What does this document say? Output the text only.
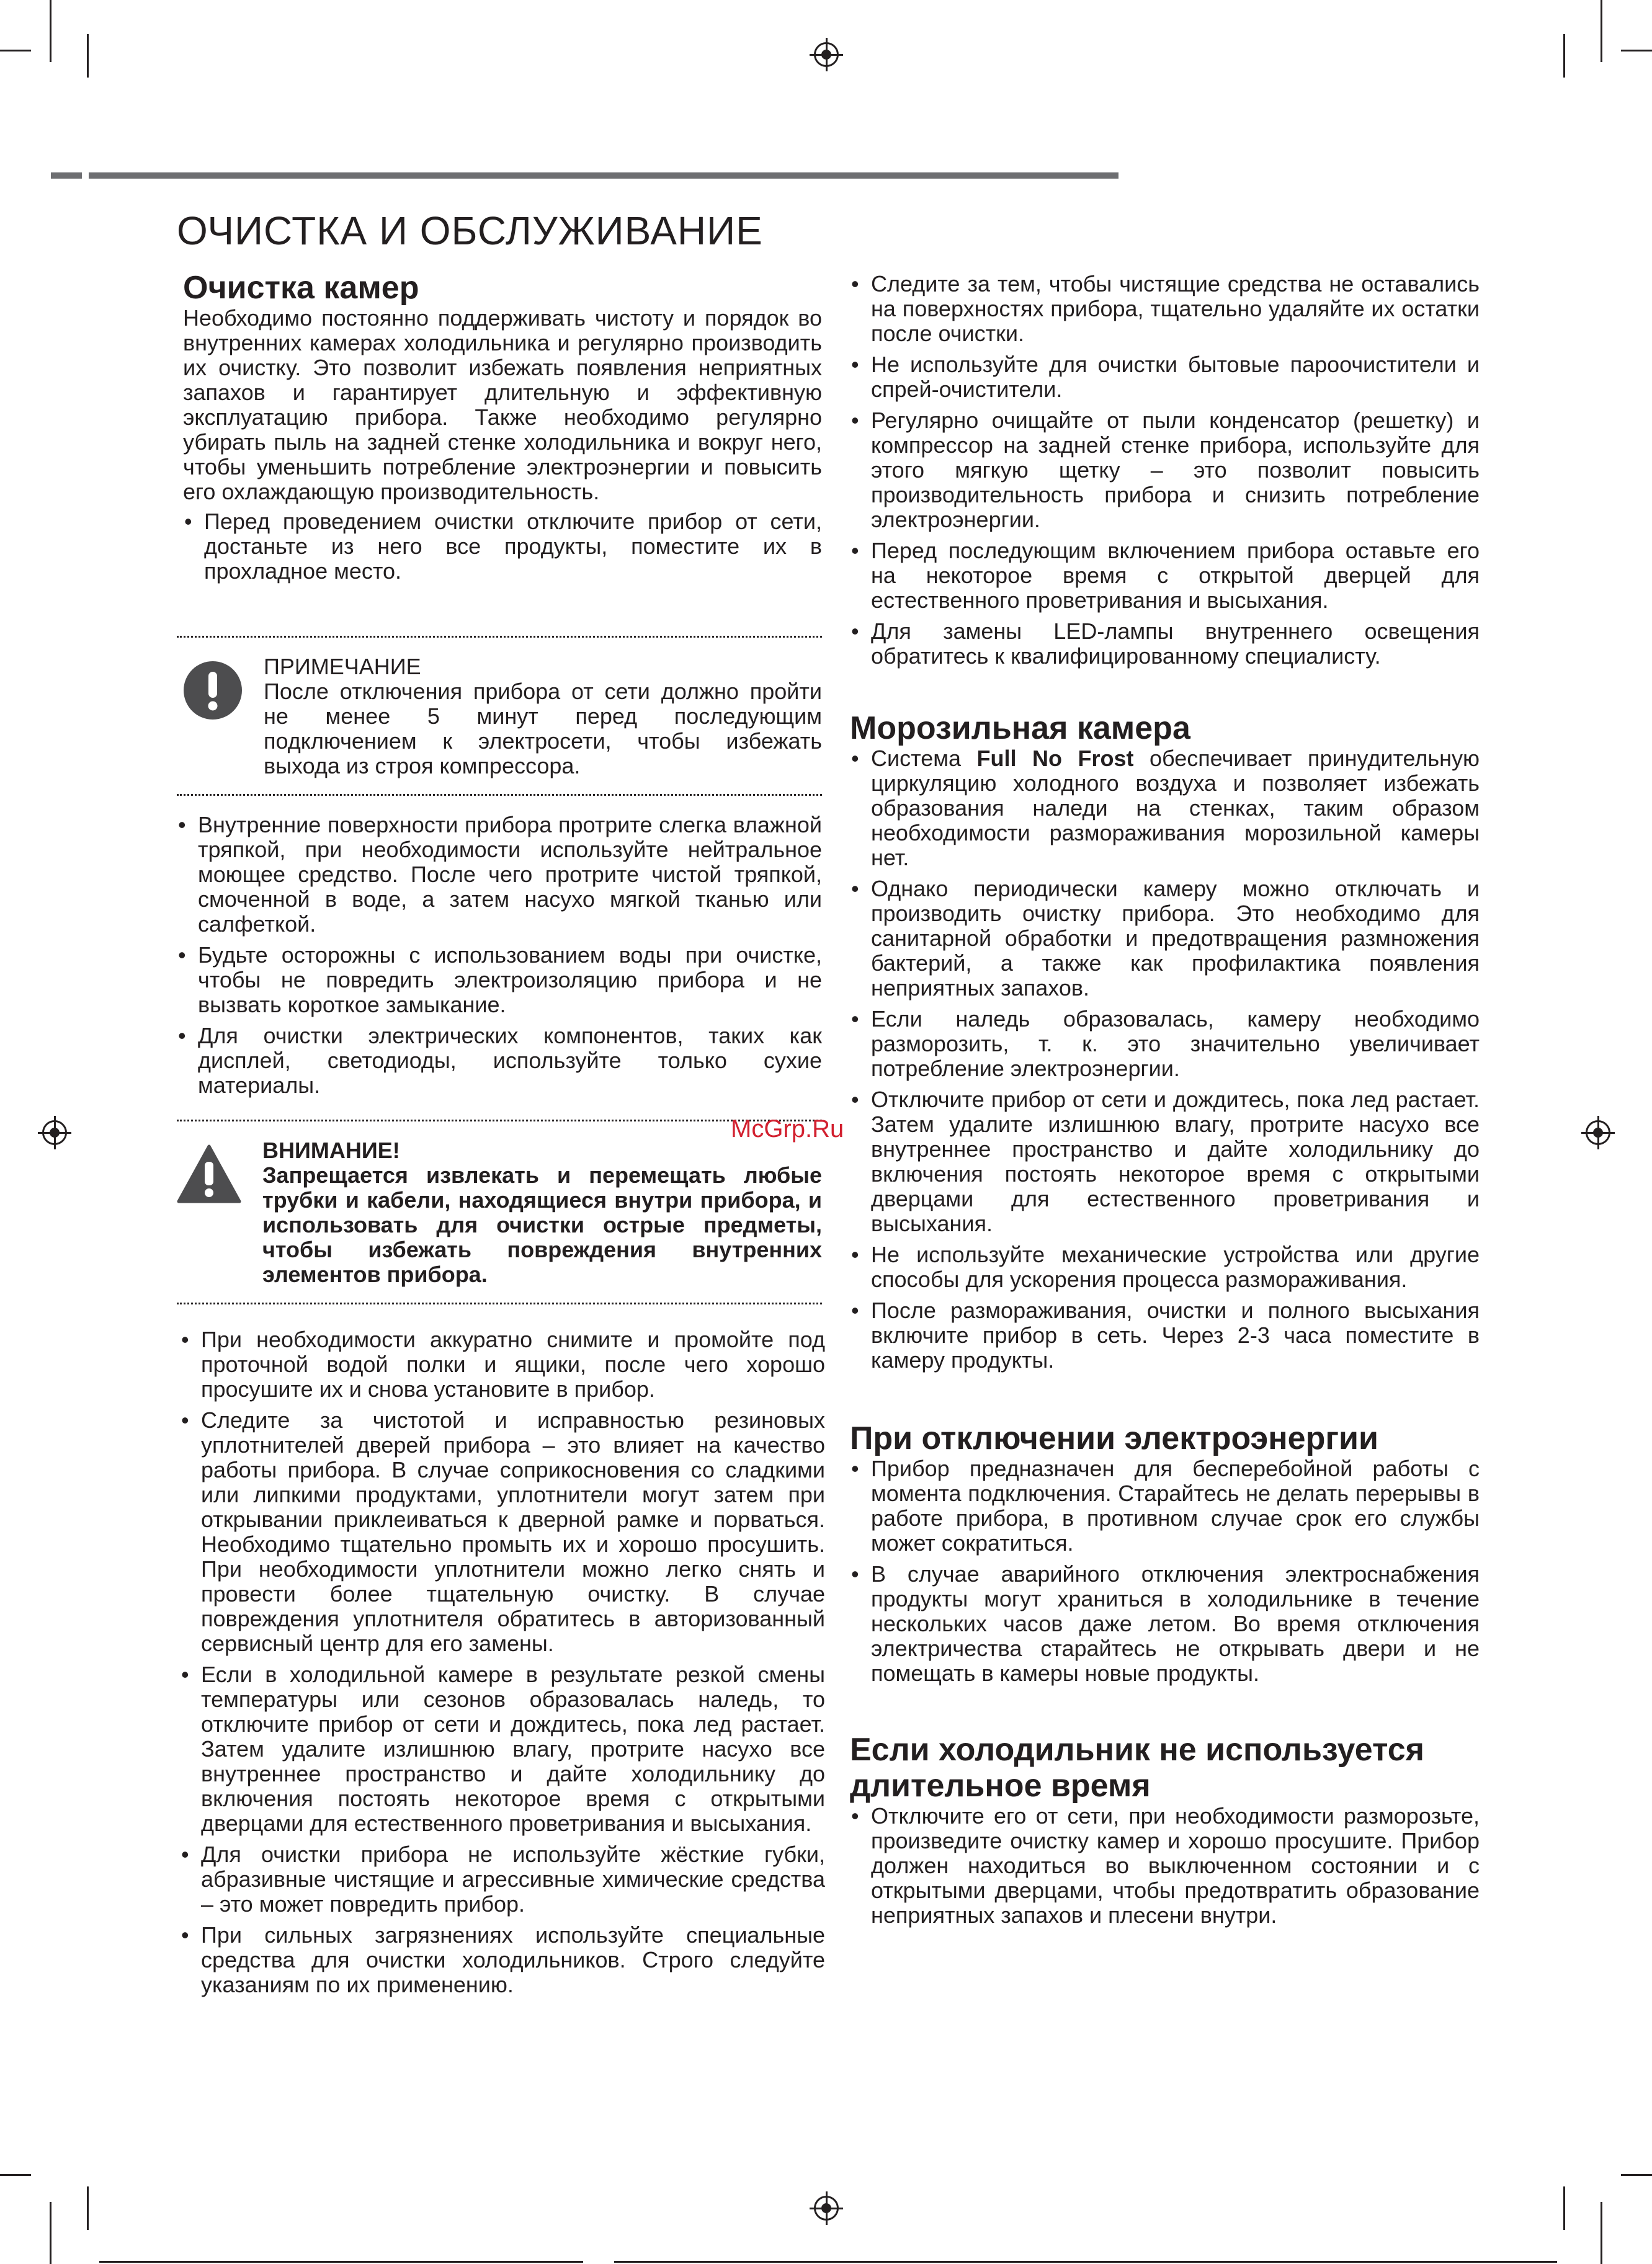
ОЧИСТКА И ОБСЛУЖИВАНИЕ
Очистка камер

Необходимо постоянно поддерживать чистоту и порядок во внутренних камерах холодильника и регулярно производить их очистку. Это позволит избежать появления неприятных запахов и гарантирует длительную и эффективную эксплуатацию прибора. Также необходимо регулярно убирать пыль на задней стенке холодильника и вокруг него, чтобы уменьшить потребление электроэнергии и повысить его охлаждающую производительность.

• Перед проведением очистки отключите прибор от сети, достаньте из него все продукты, поместите их в прохладное место.
ПРИМЕЧАНИЕ

После отключения прибора от сети должно пройти не менее 5 минут перед последующим подключением к электросети, чтобы избежать выхода из строя компрессора.

• Внутренние поверхности прибора протрите слегка влажной тряпкой, при необходимости используйте нейтральное моющее средство. После чего протрите чистой тряпкой, смоченной в воде, а затем насухо мягкой тканью или салфеткой.
• Будьте осторожны с использованием воды при очистке, чтобы не повредить электроизоляцию прибора и не вызвать короткое замыкание.
• Для очистки электрических компонентов, таких как дисплей, светодиоды, используйте только сухие материалы.
ВНИМАНИЕ!

Запрещается извлекать и перемещать любые трубки и кабели, находящиеся внутри прибора, и использовать для очистки острые предметы, чтобы избежать повреждения внутренних элементов прибора.

• При необходимости аккуратно снимите и промойте под проточной водой полки и ящики, после чего хорошо просушите их и снова установите в прибор.
• Следите за чистотой и исправностью резиновых уплотнителей дверей прибора – это влияет на качество работы прибора. В случае соприкосновения со сладкими или липкими продуктами, уплотнители могут затем при открывании приклеиваться к дверной рамке и порваться. Необходимо тщательно промыть их и хорошо просушить. При необходимости уплотнители можно легко снять и провести более тщательную очистку. В случае повреждения уплотнителя обратитесь в авторизованный сервисный центр для его замены.
• Если в холодильной камере в результате резкой смены температуры или сезонов образовалась наледь, то отключите прибор от сети и дождитесь, пока лед растает. Затем удалите излишнюю влагу, протрите насухо все внутреннее пространство и дайте холодильнику до включения постоять некоторое время с открытыми дверцами для естественного проветривания и высыхания.
• Для очистки прибора не используйте жёсткие губки, абразивные чистящие и агрессивные химические средства – это может повредить прибор.
• При сильных загрязнениях используйте специальные средства для очистки холодильников. Строго следуйте указаниям по их применению.
• Следите за тем, чтобы чистящие средства не оставались на поверхностях прибора, тщательно удаляйте их остатки после очистки.
• Не используйте для очистки бытовые пароочистители и спрей-очистители.
• Регулярно очищайте от пыли конденсатор (решетку) и компрессор на задней стенке прибора, используйте для этого мягкую щетку – это позволит повысить производительность прибора и снизить потребление электроэнергии.
• Перед последующим включением прибора оставьте его на некоторое время с открытой дверцей для естественного проветривания и высыхания.
• Для замены LED-лампы внутреннего освещения обратитесь к квалифицированному специалисту.
Морозильная камера
• Система Full No Frost обеспечивает принудительную циркуляцию холодного воздуха и позволяет избежать образования наледи на стенках, таким образом необходимости размораживания морозильной камеры нет.
• Однако периодически камеру можно отключать и производить очистку прибора. Это необходимо для санитарной обработки и предотвращения размножения бактерий, а также как профилактика появления неприятных запахов.
• Если наледь образовалась, камеру необходимо разморозить, т. к. это значительно увеличивает потребление электроэнергии.
• Отключите прибор от сети и дождитесь, пока лед растает. Затем удалите излишнюю влагу, протрите насухо все внутреннее пространство и дайте холодильнику до включения постоять некоторое время с открытыми дверцами для естественного проветривания и высыхания.
• Не используйте механические устройства или другие способы для ускорения процесса размораживания.
• После размораживания, очистки и полного высыхания включите прибор в сеть. Через 2-3 часа поместите в камеру продукты.
При отключении электроэнергии
• Прибор предназначен для бесперебойной работы с момента подключения. Старайтесь не делать перерывы в работе прибора, в противном случае срок его службы может сократиться.
• В случае аварийного отключения электроснабжения продукты могут храниться в холодильнике в течение нескольких часов даже летом. Во время отключения электричества старайтесь не открывать двери и не помещать в камеры новые продукты.
Если холодильник не используется
длительное время
• Отключите его от сети, при необходимости разморозьте, произведите очистку камер и хорошо просушите. Прибор должен находиться во выключенном состоянии и с открытыми дверцами, чтобы предотвратить образование неприятных запахов и плесени внутри.
McGrp.Ru
